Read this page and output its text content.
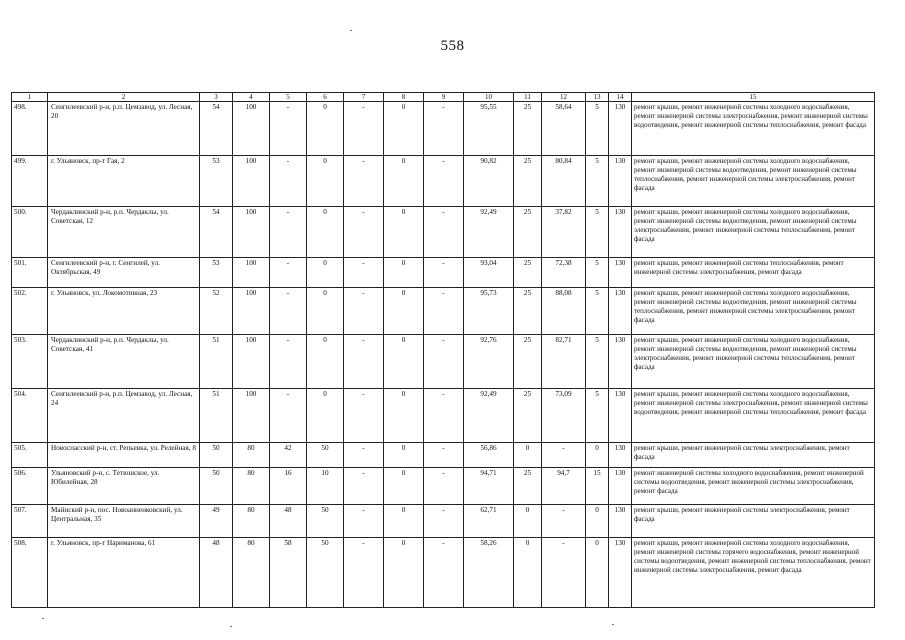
558
1	2	3	4	5	6	7	8	9	10	11	12	13	14	15
498.	Сенгилеевский р-н, р.п. Цемзавод, ул. Лесная, 20	54	100	-	0	-	0	-	95,55	25	58,64	5	130	ремонт крыши, ремонт инженерной системы холодного водоснабжения, ремонт инженерной системы электроснабжения, ремонт инженерной системы водоотведения, ремонт инженерной системы теплоснабжения, ремонт фасада
499.	г. Ульяновск, пр-т Гая, 2	53	100	-	0	-	0	-	90,82	25	80,84	5	130	ремонт крыши, ремонт инженерной системы холодного водоснабжения, ремонт инженерной системы водоотведения, ремонт инженерной системы теплоснабжения, ремонт инженерной системы электроснабжения, ремонт фасада
500.	Чердаклинский р-н, р.п. Чердаклы, ул. Советская, 12	54	100	-	0	-	0	-	92,49	25	37,82	5	130	ремонт крыши, ремонт инженерной системы холодного водоснабжения, ремонт инженерной системы водоотведения, ремонт инженерной системы электроснабжения, ремонт инженерной системы теплоснабжения, ремонт фасада
501.	Сенгилеевский р-н, г. Сенгилей, ул. Октябрьская, 49	53	100	-	0	-	0	-	93,04	25	72,38	5	130	ремонт крыши, ремонт инженерной системы теплоснабжения, ремонт инженерной системы электроснабжения, ремонт фасада
502.	г. Ульяновск, ул. Локомотивная, 23	52	100	-	0	-	0	-	95,73	25	88,08	5	130	ремонт крыши, ремонт инженерной системы холодного водоснабжения, ремонт инженерной системы водоотведения, ремонт инженерной системы теплоснабжения, ремонт инженерной системы электроснабжения, ремонт фасада
503.	Чердаклинский р-н, р.п. Чердаклы, ул. Советская, 41	51	100	-	0	-	0	-	92,76	25	82,71	5	130	ремонт крыши, ремонт инженерной системы холодного водоснабжения, ремонт инженерной системы водоотведения, ремонт инженерной системы электроснабжения, ремонт инженерной системы теплоснабжения, ремонт фасада
504.	Сенгилеевский р-н, р.п. Цемзавод, ул. Лесная, 24	51	100	-	0	-	0	-	92,49	25	73,09	5	130	ремонт крыши, ремонт инженерной системы холодного водоснабжения, ремонт инженерной системы электроснабжения, ремонт инженерной системы водоотведения, ремонт инженерной системы теплоснабжения, ремонт фасада
505.	Новоспасский р-н, ст. Репьевка, ул. Релейная, 8	50	80	42	50	-	0	-	56,86	0	-	0	130	ремонт крыши, ремонт инженерной системы электроснабжения, ремонт фасада
506.	Ульяновский р-н, с. Тетюшское, ул. Юбилейная, 28	50	80	16	10	-	0	-	94,71	25	94,7	15	130	ремонт инженерной системы холодного водоснабжения, ремонт инженерной системы водоотведения, ремонт инженерной системы электроснабжения, ремонт фасада
507.	Майнский р-н, пос. Новоанненковский, ул. Центральная, 35	49	80	48	50	-	0	-	62,71	0	-	0	130	ремонт крыши, ремонт инженерной системы электроснабжения, ремонт фасада
508.	г. Ульяновск, пр-т Нариманова, 61	48	80	58	50	-	0	-	58,26	0	-	0	130	ремонт крыши, ремонт инженерной системы холодного водоснабжения, ремонт инженерной системы горячего водоснабжения, ремонт инженерной системы водоотведения, ремонт инженерной системы теплоснабжения, ремонт инженерной системы электроснабжения, ремонт фасада
